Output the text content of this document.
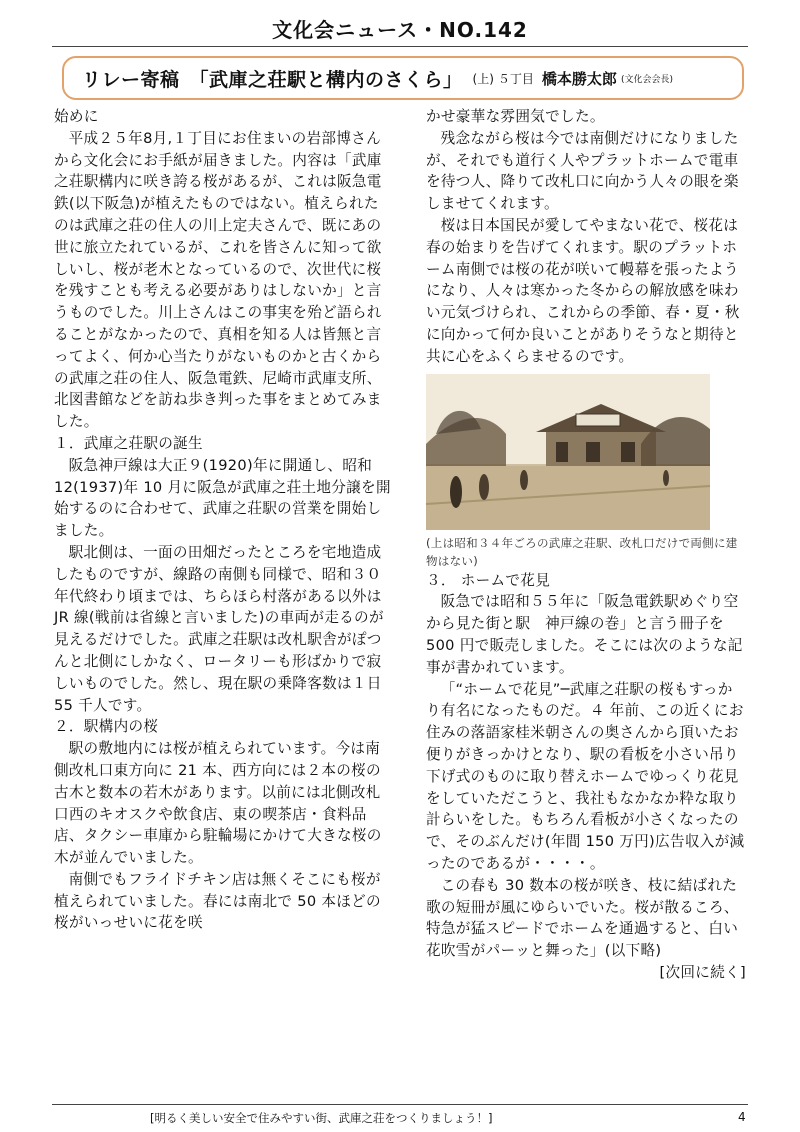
文化会ニュース・NO.142
リレー寄稿 「武庫之荘駅と構内のさくら」 (上) ５丁目 橋本勝太郎 (文化会会長)

始めに

平成２５年8月,１丁目にお住まいの岩部博さんから文化会にお手紙が届きました。内容は「武庫之荘駅構内に咲き誇る桜があるが、これは阪急電鉄(以下阪急)が植えたものではない。植えられたのは武庫之荘の住人の川上定夫さんで、既にあの世に旅立たれているが、これを皆さんに知って欲しいし、桜が老木となっているので、次世代に桜を残すことも考える必要がありはしないか」と言うものでした。川上さんはこの事実を殆ど語られることがなかったので、真相を知る人は皆無と言ってよく、何か心当たりがないものかと古くからの武庫之荘の住人、阪急電鉄、尼崎市武庫支所、北図書館などを訪ね歩き判った事をまとめてみました。

１．武庫之荘駅の誕生

阪急神戸線は大正９(1920)年に開通し、昭和 12(1937)年 10 月に阪急が武庫之荘土地分譲を開始するのに合わせて、武庫之荘駅の営業を開始しました。

駅北側は、一面の田畑だったところを宅地造成したものですが、線路の南側も同様で、昭和３０年代終わり頃までは、ちらほら村落がある以外は JR 線(戦前は省線と言いました)の車両が走るのが見えるだけでした。武庫之荘駅は改札駅舎がぽつんと北側にしかなく、ロータリーも形ばかりで寂しいものでした。然し、現在駅の乗降客数は１日 55 千人です。

２．駅構内の桜

駅の敷地内には桜が植えられています。今は南側改札口東方向に 21 本、西方向には２本の桜の古木と数本の若木があります。以前には北側改札口西のキオスクや飲食店、東の喫茶店・食料品店、タクシー車庫から駐輪場にかけて大きな桜の木が並んでいました。

南側でもフライドチキン店は無くそこにも桜が植えられていました。春には南北で 50 本ほどの桜がいっせいに花を咲

かせ豪華な雰囲気でした。

残念ながら桜は今では南側だけになりましたが、それでも道行く人やプラットホームで電車を待つ人、降りて改札口に向かう人々の眼を楽しませてくれます。

桜は日本国民が愛してやまない花で、桜花は春の始まりを告げてくれます。駅のプラットホーム南側では桜の花が咲いて幔幕を張ったようになり、人々は寒かった冬からの解放感を味わい元気づけられ、これからの季節、春・夏・秋に向かって何か良いことがありそうなと期待と共に心をふくらませるのです。

(上は昭和３４年ごろの武庫之荘駅、改札口だけで両側に建物はない)

３． ホームで花見

阪急では昭和５５年に「阪急電鉄駅めぐり空から見た街と駅　神戸線の巻」と言う冊子を 500 円で販売しました。そこには次のような記事が書かれています。

「“ホームで花見”─武庫之荘駅の桜もすっかり有名になったものだ。４ 年前、この近くにお住みの落語家桂米朝さんの奥さんから頂いたお便りがきっかけとなり、駅の看板を小さい吊り下げ式のものに取り替えホームでゆっくり花見をしていただこうと、我社もなかなか粋な取り計らいをした。もちろん看板が小さくなったので、そのぶんだけ(年間 150 万円)広告収入が減ったのであるが・・・・。

この春も 30 数本の桜が咲き、枝に結ばれた歌の短冊が風にゆらいでいた。桜が散るころ、特急が猛スピードでホームを通過すると、白い花吹雪がパーッと舞った」(以下略)
[次回に続く]

[明るく美しい安全で住みやすい街、武庫之荘をつくりましょう！]	4
